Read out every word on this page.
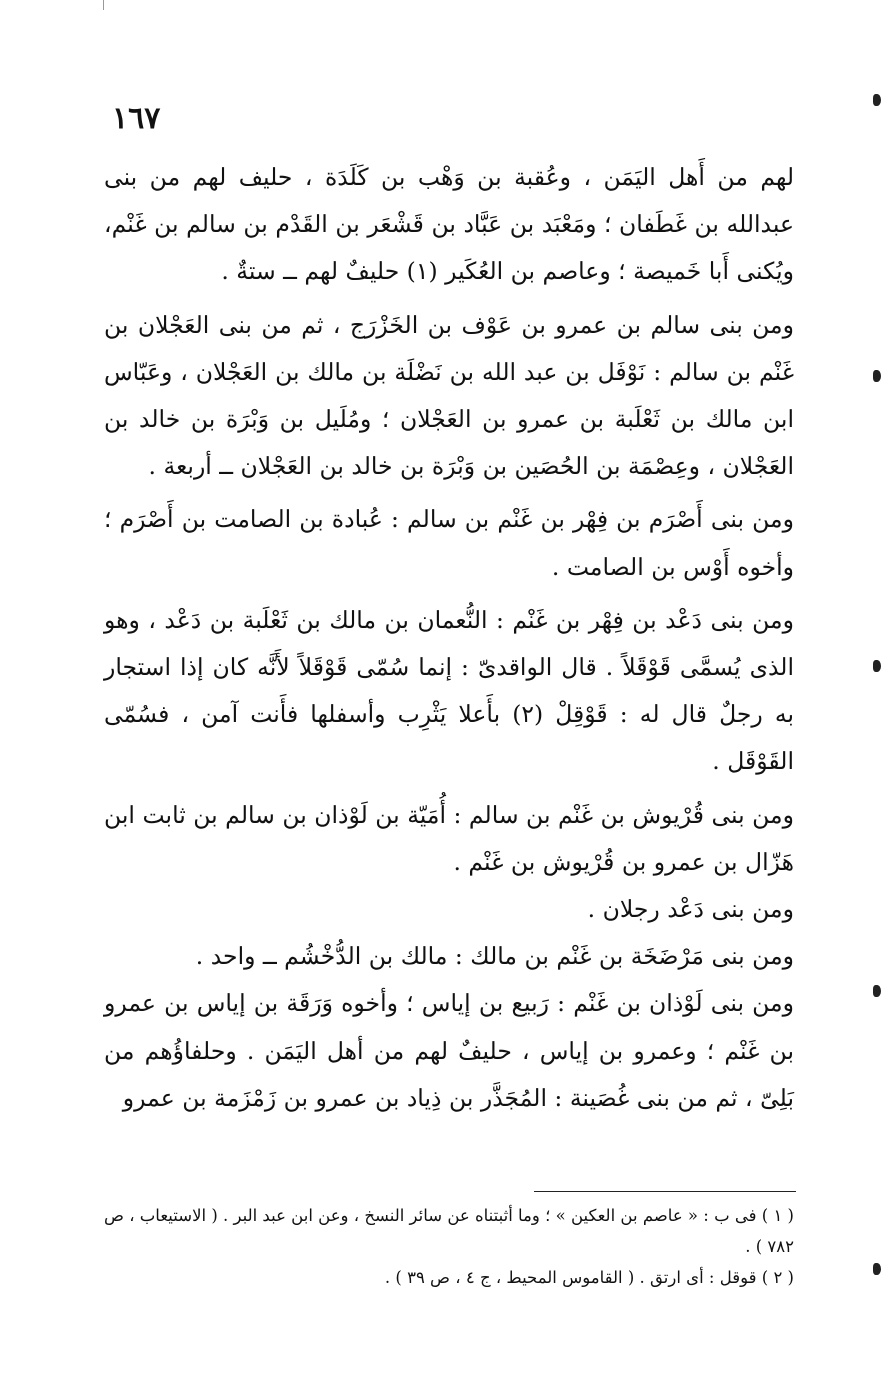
١٦٧

لهم من أَهل اليَمَن ، وعُقبة بن وَهْب بن كَلَدَة ، حليف لهم من بنى عبدالله بن غَطَفان ؛ ومَعْبَد بن عَبَّاد بن قَشْعَر بن القَدْم بن سالم بن غَنْم، ويُكنى أَبا خَميصة ؛ وعاصم بن العُكَير (١) حليفٌ لهم ــ ستةٌ .

ومن بنى سالم بن عمرو بن عَوْف بن الخَزْرَج ، ثم من بنى العَجْلان بن غَنْم بن سالم : نَوْفَل بن عبد الله بن نَضْلَة بن مالك بن العَجْلان ، وعَبّاس ابن مالك بن ثَعْلَبة بن عمرو بن العَجْلان ؛ ومُلَيل بن وَبْرَة بن خالد بن العَجْلان ، وعِصْمَة بن الحُصَين بن وَبْرَة بن خالد بن العَجْلان ــ أربعة .

ومن بنى أَصْرَم بن فِهْر بن غَنْم بن سالم : عُبادة بن الصامت بن أَصْرَم ؛ وأخوه أَوْس بن الصامت .

ومن بنى دَعْد بن فِهْر بن غَنْم : النُّعمان بن مالك بن ثَعْلَبة بن دَعْد ، وهو الذى يُسمَّى قَوْقَلاً . قال الواقدىّ : إنما سُمّى قَوْقَلاً لأَنَّه كان إذا استجار به رجلٌ قال له : قَوْقِلْ (٢) بأَعلا يَثْرِب وأسفلها فأَنت آمن ، فسُمّى القَوْقَل .

ومن بنى قُرْيوش بن غَنْم بن سالم : أُمَيّة بن لَوْذان بن سالم بن ثابت ابن هَزّال بن عمرو بن قُرْيوش بن غَنْم .

ومن بنى دَعْد رجلان .

ومن بنى مَرْضَخَة بن غَنْم بن مالك : مالك بن الدُّخْشُم ــ واحد .

ومن بنى لَوْذان بن غَنْم : رَبيع بن إياس ؛ وأخوه وَرَقَة بن إياس بن عمرو بن غَنْم ؛ وعمرو بن إياس ، حليفٌ لهم من أهل اليَمَن . وحلفاؤُهم من بَلِىّ ، ثم من بنى غُصَينة : المُجَذَّر بن ذِياد بن عمرو بن زَمْزَمة بن عمرو

( ١ ) فى ب : « عاصم بن العكين » ؛ وما أثبتناه عن سائر النسخ ، وعن ابن عبد البر . ( الاستيعاب ، ص ٧٨٢ ) .

( ٢ ) قوقل : أى ارتق . ( القاموس المحيط ، ج ٤ ، ص ٣٩ ) .
